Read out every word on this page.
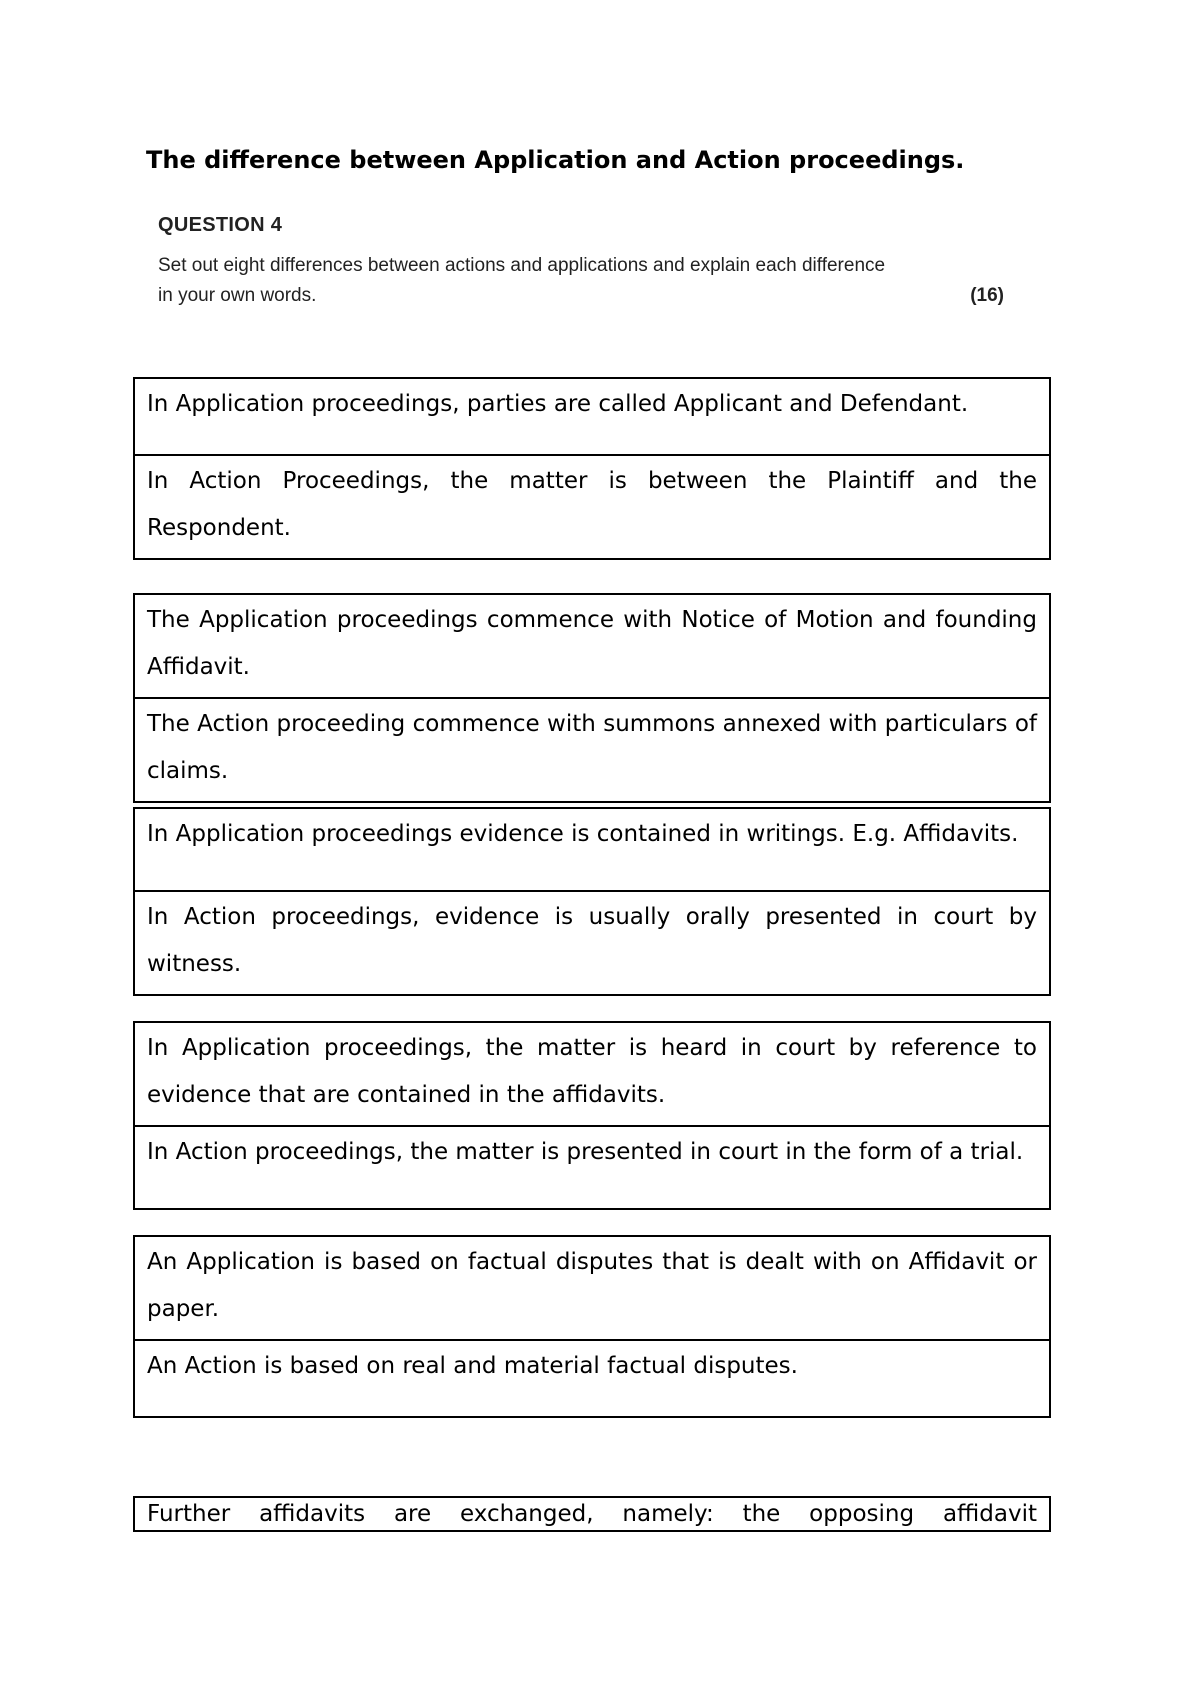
The difference between Application and Action proceedings.
QUESTION 4
Set out eight differences between actions and applications and explain each difference
in your own words.	(16)
In Application proceedings, parties are called Applicant and Defendant.
In Action Proceedings, the matter is between the Plaintiff and the Respondent.
The Application proceedings commence with Notice of Motion and founding Affidavit.
The Action proceeding commence with summons annexed with particulars of claims.
In Application proceedings evidence is contained in writings. E.g. Affidavits.
In Action proceedings, evidence is usually orally presented in court by witness.
In Application proceedings, the matter is heard in court by reference to evidence that are contained in the affidavits.
In Action proceedings, the matter is presented in court in the form of a trial.
An Application is based on factual disputes that is dealt with on Affidavit or paper.
An Action is based on real and material factual disputes.
Further affidavits are exchanged, namely: the opposing affidavit
